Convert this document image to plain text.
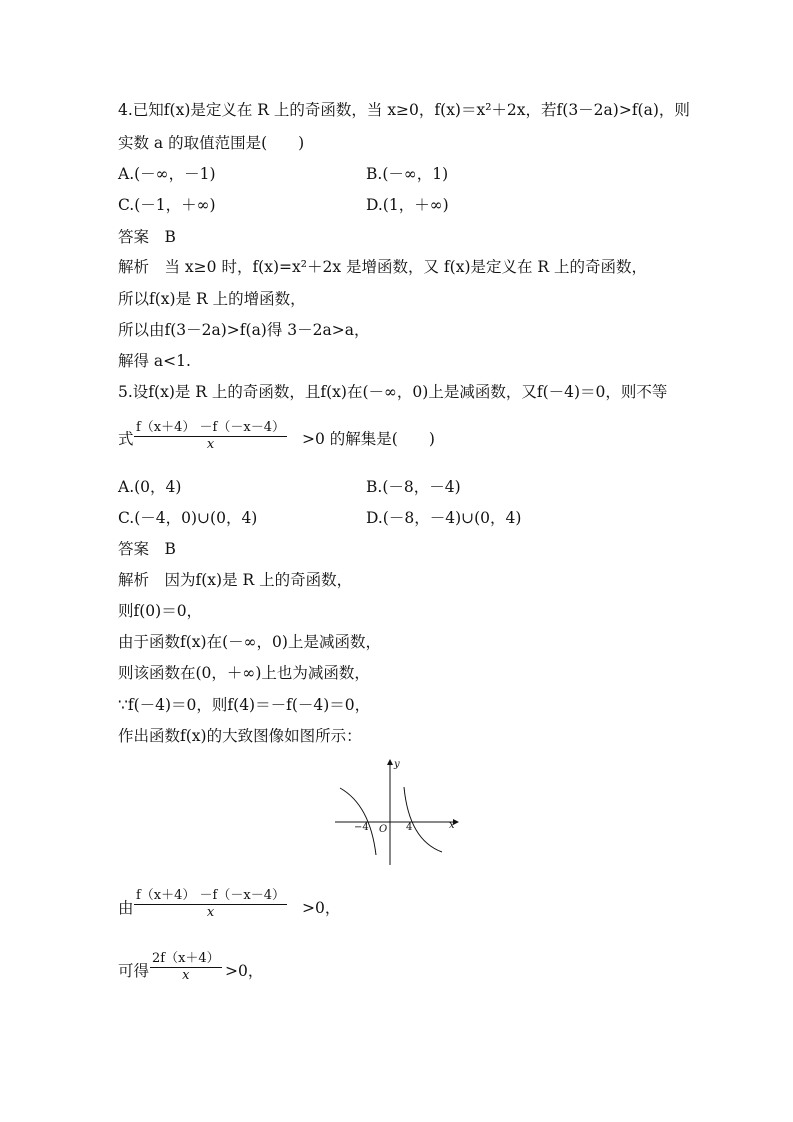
4.已知f(x)是定义在 R 上的奇函数，当 x≥0，f(x)＝x²＋2x，若f(3－2a)>f(a)，则
实数 a 的取值范围是(　　)
A.(－∞，－1)	B.(－∞，1)
C.(－1，＋∞)	D.(1，＋∞)
答案　B
解析　当 x≥0 时，f(x)=x²＋2x 是增函数，又 f(x)是定义在 R 上的奇函数，
所以f(x)是 R 上的增函数，
所以由f(3－2a)>f(a)得 3－2a>a，
解得 a<1.
5.设f(x)是 R 上的奇函数，且f(x)在(－∞，0)上是减函数，又f(－4)＝0，则不等
式 $\frac{f(x+4) -f(-x-4)}{x} >0$ 的解集是(　　)
A.(0，4)	B.(－8，－4)
C.(－4，0)∪(0，4)	D.(－8，－4)∪(0，4)
答案　B
解析　因为f(x)是 R 上的奇函数，
则f(0)＝0，
由于函数f(x)在(－∞，0)上是减函数，
则该函数在(0，＋∞)上也为减函数，
∵f(－4)＝0，则f(4)＝－f(－4)＝0，
作出函数f(x)的大致图像如图所示：
y
x
O
−4	4
由 $\frac{f(x+4) -f(-x-4)}{x} >0$，
可得 $\frac{2f(x+4)}{x} >0$，
